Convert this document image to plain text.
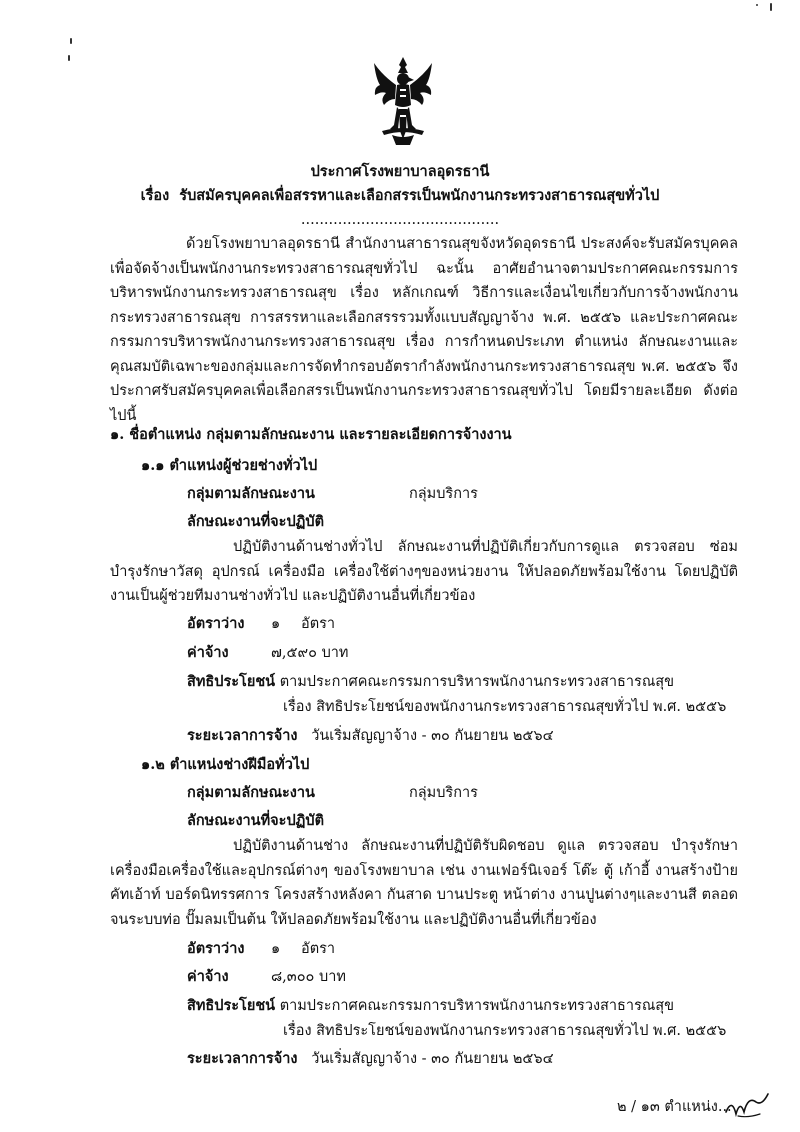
ประกาศโรงพยาบาลอุดรธานี
เรื่อง รับสมัครบุคคลเพื่อสรรหาและเลือกสรรเป็นพนักงานกระทรวงสาธารณสุขทั่วไป
...........................................
ด้วยโรงพยาบาลอุดรธานี สำนักงานสาธารณสุขจังหวัดอุดรธานี ประสงค์จะรับสมัครบุคคลเพื่อจัดจ้างเป็นพนักงานกระทรวงสาธารณสุขทั่วไป ฉะนั้น อาศัยอำนาจตามประกาศคณะกรรมการบริหารพนักงานกระทรวงสาธารณสุข เรื่อง หลักเกณฑ์ วิธีการและเงื่อนไขเกี่ยวกับการจ้างพนักงานกระทรวงสาธารณสุข การสรรหาและเลือกสรรรวมทั้งแบบสัญญาจ้าง พ.ศ. ๒๕๕๖ และประกาศคณะกรรมการบริหารพนักงานกระทรวงสาธารณสุข เรื่อง การกำหนดประเภท ตำแหน่ง ลักษณะงานและคุณสมบัติเฉพาะของกลุ่มและการจัดทำกรอบอัตรากำลังพนักงานกระทรวงสาธารณสุข พ.ศ. ๒๕๕๖ จึงประกาศรับสมัครบุคคลเพื่อเลือกสรรเป็นพนักงานกระทรวงสาธารณสุขทั่วไป โดยมีรายละเอียด ดังต่อไปนี้
๑. ชื่อตำแหน่ง กลุ่มตามลักษณะงาน และรายละเอียดการจ้างงาน
๑.๑ ตำแหน่งผู้ช่วยช่างทั่วไป
กลุ่มตามลักษณะงาน	กลุ่มบริการ
ลักษณะงานที่จะปฏิบัติ
ปฏิบัติงานด้านช่างทั่วไป ลักษณะงานที่ปฏิบัติเกี่ยวกับการดูแล ตรวจสอบ ซ่อมบำรุงรักษาวัสดุ อุปกรณ์ เครื่องมือ เครื่องใช้ต่างๆของหน่วยงาน ให้ปลอดภัยพร้อมใช้งาน โดยปฏิบัติงานเป็นผู้ช่วยทีมงานช่างทั่วไป และปฏิบัติงานอื่นที่เกี่ยวข้อง
อัตราว่าง ๑ อัตรา
ค่าจ้าง	๗,๕๙๐ บาท
สิทธิประโยชน์ ตามประกาศคณะกรรมการบริหารพนักงานกระทรวงสาธารณสุข
เรื่อง สิทธิประโยชน์ของพนักงานกระทรวงสาธารณสุขทั่วไป พ.ศ. ๒๕๕๖
ระยะเวลาการจ้าง วันเริ่มสัญญาจ้าง - ๓๐ กันยายน ๒๕๖๔
๑.๒ ตำแหน่งช่างฝีมือทั่วไป
กลุ่มตามลักษณะงาน	กลุ่มบริการ
ลักษณะงานที่จะปฏิบัติ
ปฏิบัติงานด้านช่าง ลักษณะงานที่ปฏิบัติรับผิดชอบ ดูแล ตรวจสอบ บำรุงรักษา เครื่องมือเครื่องใช้และอุปกรณ์ต่างๆ ของโรงพยาบาล เช่น งานเฟอร์นิเจอร์ โต๊ะ ตู้ เก้าอี้ งานสร้างป้ายคัทเอ้าท์ บอร์ดนิทรรศการ โครงสร้างหลังคา กันสาด บานประตู หน้าต่าง งานปูนต่างๆและงานสี ตลอดจนระบบท่อ ปั๊มลมเป็นต้น ให้ปลอดภัยพร้อมใช้งาน และปฏิบัติงานอื่นที่เกี่ยวข้อง
อัตราว่าง ๑ อัตรา
ค่าจ้าง	๘,๓๐๐ บาท
สิทธิประโยชน์ ตามประกาศคณะกรรมการบริหารพนักงานกระทรวงสาธารณสุข
เรื่อง สิทธิประโยชน์ของพนักงานกระทรวงสาธารณสุขทั่วไป พ.ศ. ๒๕๕๖
ระยะเวลาการจ้าง วันเริ่มสัญญาจ้าง - ๓๐ กันยายน ๒๕๖๔
๒ / ๑๓ ตำแหน่ง...
